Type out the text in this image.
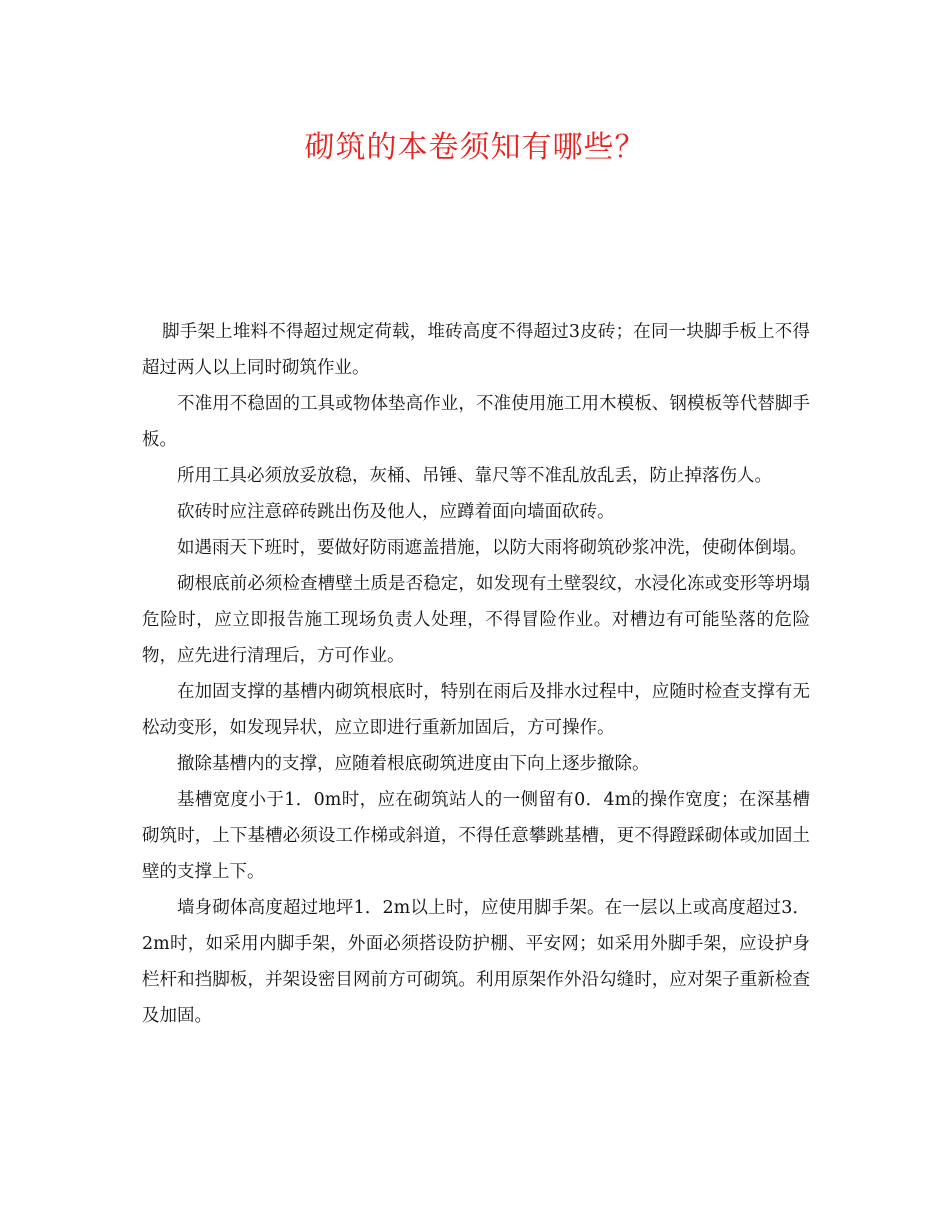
砌筑的本卷须知有哪些？

脚手架上堆料不得超过规定荷载，堆砖高度不得超过3皮砖；在同一块脚手板上不得超过两人以上同时砌筑作业。

不准用不稳固的工具或物体垫高作业，不准使用施工用木模板、钢模板等代替脚手板。

所用工具必须放妥放稳，灰桶、吊锤、靠尺等不准乱放乱丢，防止掉落伤人。

砍砖时应注意碎砖跳出伤及他人，应蹲着面向墙面砍砖。

如遇雨天下班时，要做好防雨遮盖措施，以防大雨将砌筑砂浆冲洗，使砌体倒塌。

砌根底前必须检查槽壁土质是否稳定，如发现有土壁裂纹，水浸化冻或变形等坍塌危险时，应立即报告施工现场负责人处理，不得冒险作业。对槽边有可能坠落的危险物，应先进行清理后，方可作业。

在加固支撑的基槽内砌筑根底时，特别在雨后及排水过程中，应随时检查支撑有无松动变形，如发现异状，应立即进行重新加固后，方可操作。

撤除基槽内的支撑，应随着根底砌筑进度由下向上逐步撤除。

基槽宽度小于1．0m时，应在砌筑站人的一侧留有0．4m的操作宽度；在深基槽砌筑时，上下基槽必须设工作梯或斜道，不得任意攀跳基槽，更不得蹬踩砌体或加固土壁的支撑上下。

墙身砌体高度超过地坪1．2m以上时，应使用脚手架。在一层以上或高度超过3．2m时，如采用内脚手架，外面必须搭设防护棚、平安网；如采用外脚手架，应设护身栏杆和挡脚板，并架设密目网前方可砌筑。利用原架作外沿勾缝时，应对架子重新检查及加固。
